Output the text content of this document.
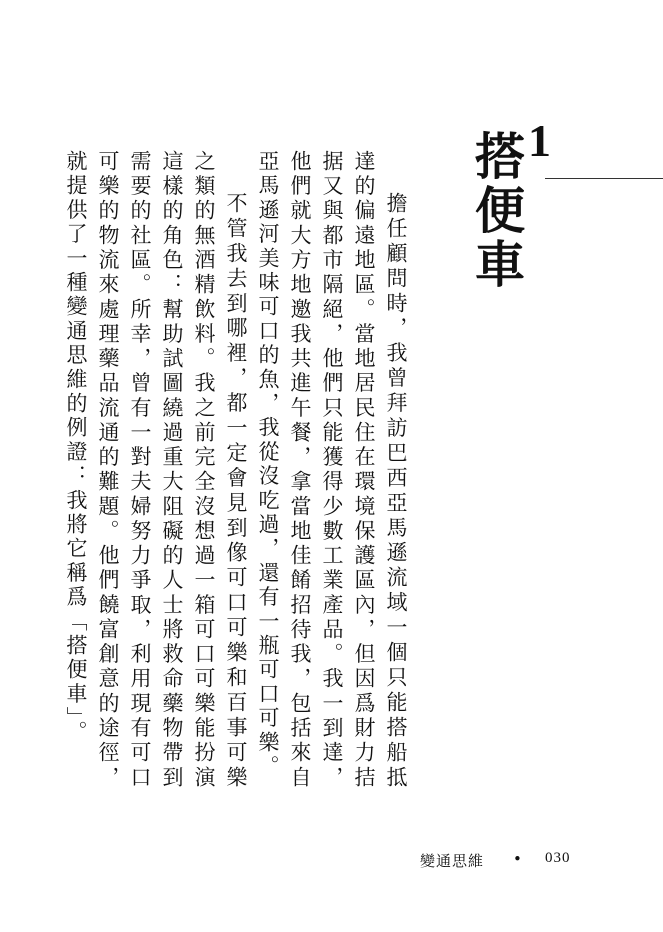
1
搭便車

擔任顧問時，我曾拜訪巴西亞馬遜流域一個只能搭船抵達的偏遠地區。當地居民住在環境保護區內，但因爲財力拮据又與都市隔絕，他們只能獲得少數工業產品。我一到達，他們就大方地邀我共進午餐，拿當地佳餚招待我，包括來自亞馬遜河美味可口的魚，我從沒吃過，還有一瓶可口可樂。

不管我去到哪裡，都一定會見到像可口可樂和百事可樂之類的無酒精飲料。我之前完全沒想過一箱可口可樂能扮演這樣的角色：幫助試圖繞過重大阻礙的人士將救命藥物帶到需要的社區。所幸，曾有一對夫婦努力爭取，利用現有可口可樂的物流來處理藥品流通的難題。他們饒富創意的途徑，就提供了一種變通思維的例證：我將它稱爲「搭便車」。

變通思維 • 030
